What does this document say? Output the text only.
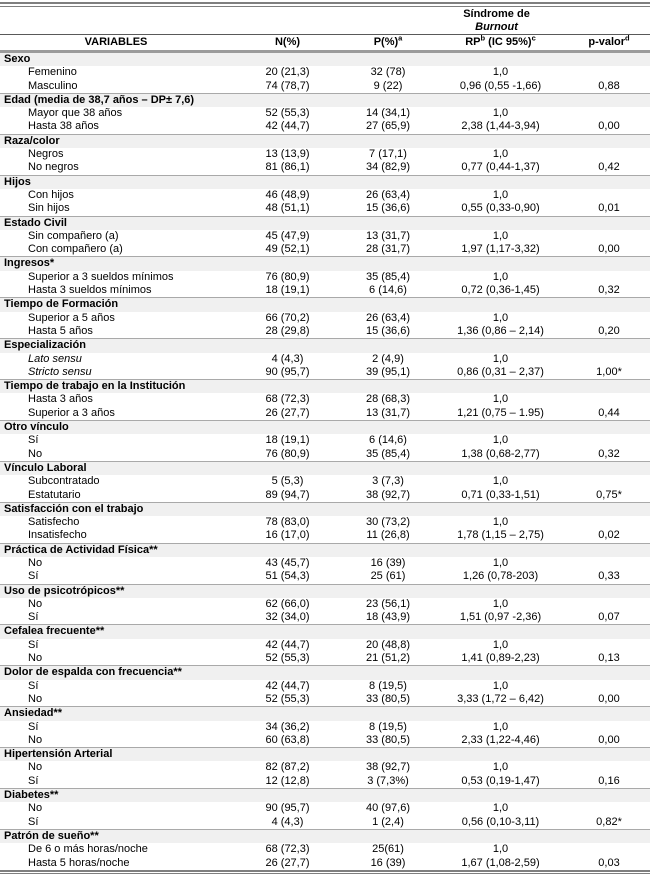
		Síndrome de
Burnout		

VARIABLES	N(%)	P(%)$^a$	$RP^b$ (IC 95%)$^c$	p-valor$^d$
Sexo				
Femenino	20 (21,3)	32 (78)	1,0	
Masculino	74 (78,7)	9 (22)	0,96 (0,55 -1,66)	0,88
Edad (media de 38,7 años – DP± 7,6)				
Mayor que 38 años	52 (55,3)	14 (34,1)	1,0	
Hasta 38 años	42 (44,7)	27 (65,9)	2,38 (1,44-3,94)	0,00
Raza/color				
Negros	13 (13,9)	7 (17,1)	1,0	
No negros	81 (86,1)	34 (82,9)	0,77 (0,44-1,37)	0,42
Hijos				
Con hijos	46 (48,9)	26 (63,4)	1,0	
Sin hijos	48 (51,1)	15 (36,6)	0,55 (0,33-0,90)	0,01
Estado Civil				
Sin compañero (a)	45 (47,9)	13 (31,7)	1,0	
Con compañero (a)	49 (52,1)	28 (31,7)	1,97 (1,17-3,32)	0,00
Ingresos*				
Superior a 3 sueldos mínimos	76 (80,9)	35 (85,4)	1,0	
Hasta 3 sueldos mínimos	18 (19,1)	6 (14,6)	0,72 (0,36-1,45)	0,32
Tiempo de Formación				
Superior a 5 años	66 (70,2)	26 (63,4)	1,0	
Hasta 5 años	28 (29,8)	15 (36,6)	1,36 (0,86 – 2,14)	0,20
Especialización				
Lato sensu	4 (4,3)	2 (4,9)	1,0	
Stricto sensu	90 (95,7)	39 (95,1)	0,86 (0,31 – 2,37)	1,00*
Tiempo de trabajo en la Institución				
Hasta 3 años	68 (72,3)	28 (68,3)	1,0	
Superior a 3 años	26 (27,7)	13 (31,7)	1,21 (0,75 – 1.95)	0,44
Otro vínculo				
Sí	18 (19,1)	6 (14,6)	1,0	
No	76 (80,9)	35 (85,4)	1,38 (0,68-2,77)	0,32
Vínculo Laboral				
Subcontratado	5 (5,3)	3 (7,3)	1,0	
Estatutario	89 (94,7)	38 (92,7)	0,71 (0,33-1,51)	0,75*
Satisfacción con el trabajo				
Satisfecho	78 (83,0)	30 (73,2)	1,0	
Insatisfecho	16 (17,0)	11 (26,8)	1,78 (1,15 – 2,75)	0,02
Práctica de Actividad Física**				
No	43 (45,7)	16 (39)	1,0	
Sí	51 (54,3)	25 (61)	1,26 (0,78-203)	0,33
Uso de psicotrópicos**				
No	62 (66,0)	23 (56,1)	1,0	
Sí	32 (34,0)	18 (43,9)	1,51 (0,97 -2,36)	0,07
Cefalea frecuente**				
Sí	42 (44,7)	20 (48,8)	1,0	
No	52 (55,3)	21 (51,2)	1,41 (0,89-2,23)	0,13
Dolor de espalda con frecuencia**				
Sí	42 (44,7)	8 (19,5)	1,0	
No	52 (55,3)	33 (80,5)	3,33 (1,72 – 6,42)	0,00
Ansiedad**				
Sí	34 (36,2)	8 (19,5)	1,0	
No	60 (63,8)	33 (80,5)	2,33 (1,22-4,46)	0,00
Hipertensión Arterial				
No	82 (87,2)	38 (92,7)	1,0	
Sí	12 (12,8)	3 (7,3%)	0,53 (0,19-1,47)	0,16
Diabetes**				
No	90 (95,7)	40 (97,6)	1,0	
Sí	4 (4,3)	1 (2,4)	0,56 (0,10-3,11)	0,82*
Patrón de sueño**				
De 6 o más horas/noche	68 (72,3)	25(61)	1,0	
Hasta 5 horas/noche	26 (27,7)	16 (39)	1,67 (1,08-2,59)	0,03
